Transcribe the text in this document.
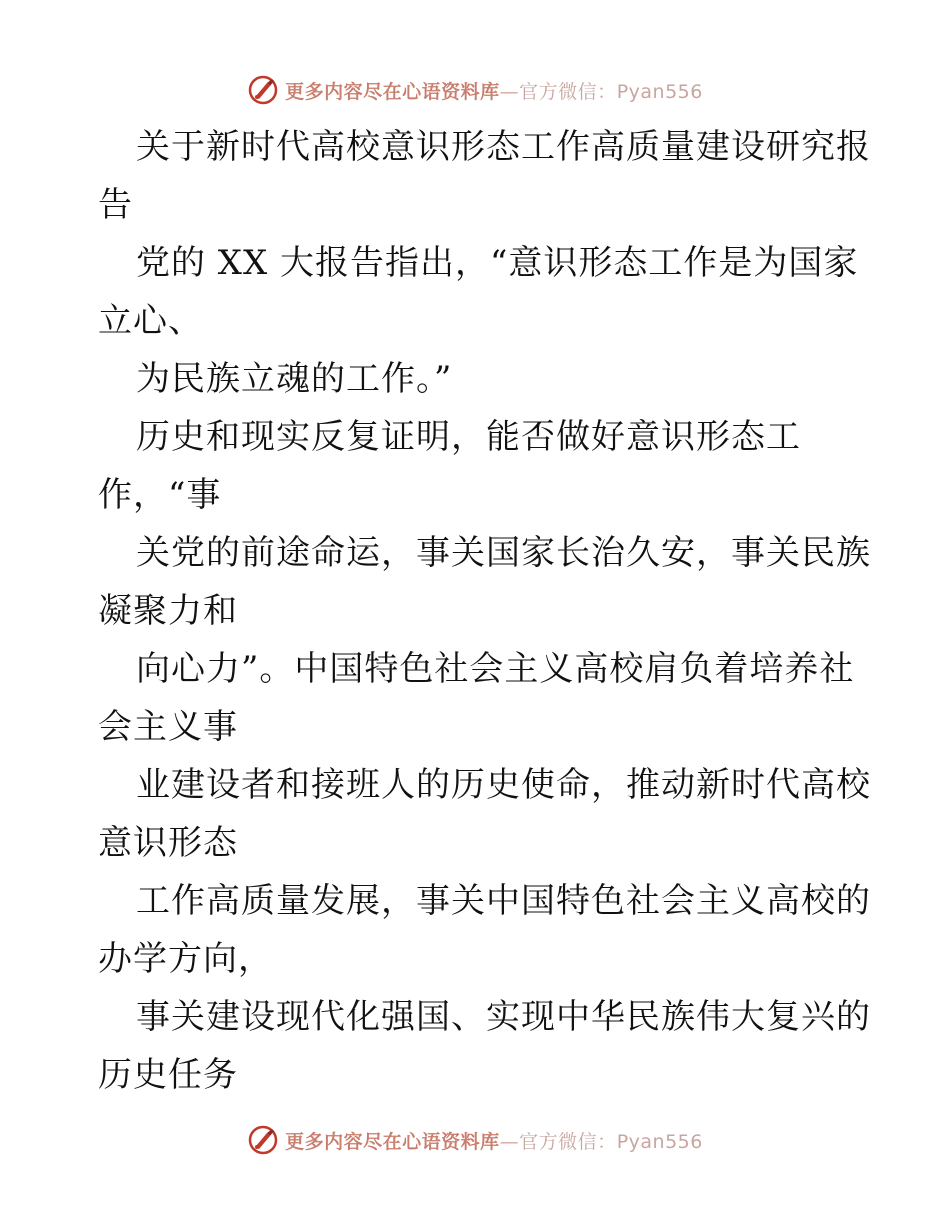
更多内容尽在心语资料库—官方微信：Pyan556
关于新时代高校意识形态工作高质量建设研究报
告
党的 XX 大报告指出，“意识形态工作是为国家
立心、
为民族立魂的工作。”
历史和现实反复证明，能否做好意识形态工
作，“事
关党的前途命运，事关国家长治久安，事关民族
凝聚力和
向心力”。中国特色社会主义高校肩负着培养社
会主义事
业建设者和接班人的历史使命，推动新时代高校
意识形态
工作高质量发展，事关中国特色社会主义高校的
办学方向，
事关建设现代化强国、实现中华民族伟大复兴的
历史任务
更多内容尽在心语资料库—官方微信：Pyan556
